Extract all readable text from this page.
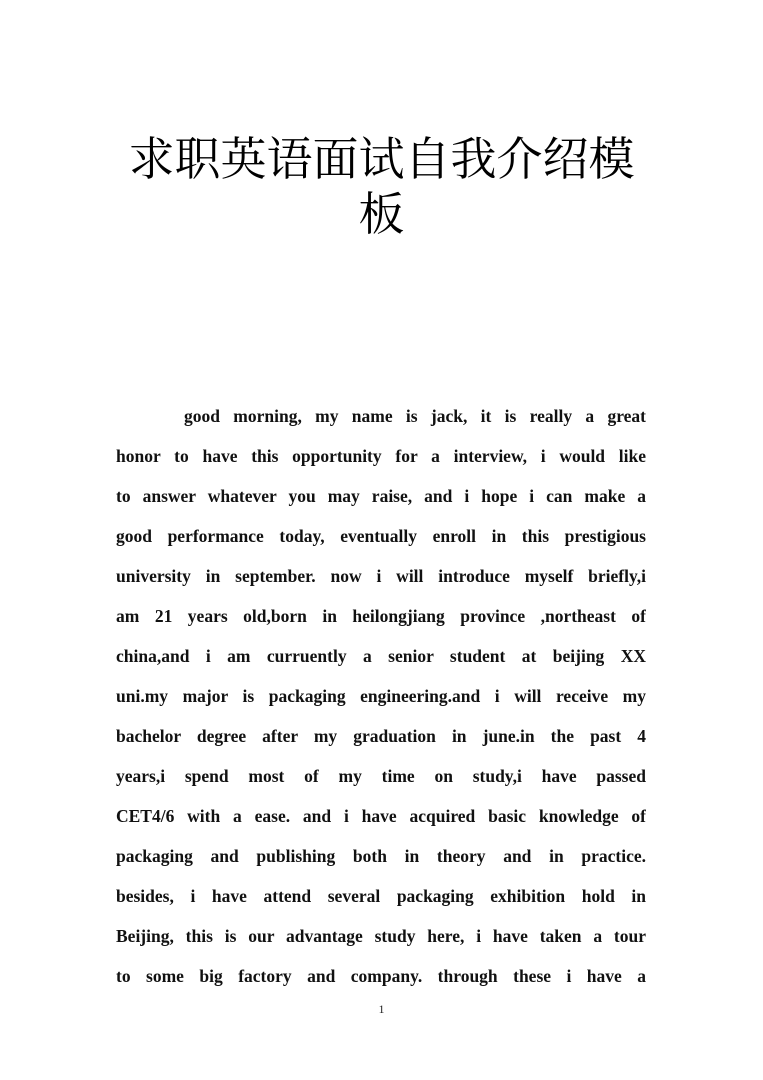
求职英语面试自我介绍模
板
good morning, my name is jack, it is really a great
honor to have this opportunity for a interview, i would like
to answer whatever you may raise, and i hope i can make a
good performance today, eventually enroll in this prestigious
university in september. now i will introduce myself briefly,i
am 21 years old,born in heilongjiang province ,northeast of
china,and i am curruently a senior student at beijing XX
uni.my major is packaging engineering.and i will receive my
bachelor degree after my graduation in june.in the past 4
years,i spend most of my time on study,i have passed
CET4/6 with a ease. and i have acquired basic knowledge of
packaging and publishing both in theory and in practice.
besides, i have attend several packaging exhibition hold in
Beijing, this is our advantage study here, i have taken a tour
to some big factory and company. through these i have a
1
